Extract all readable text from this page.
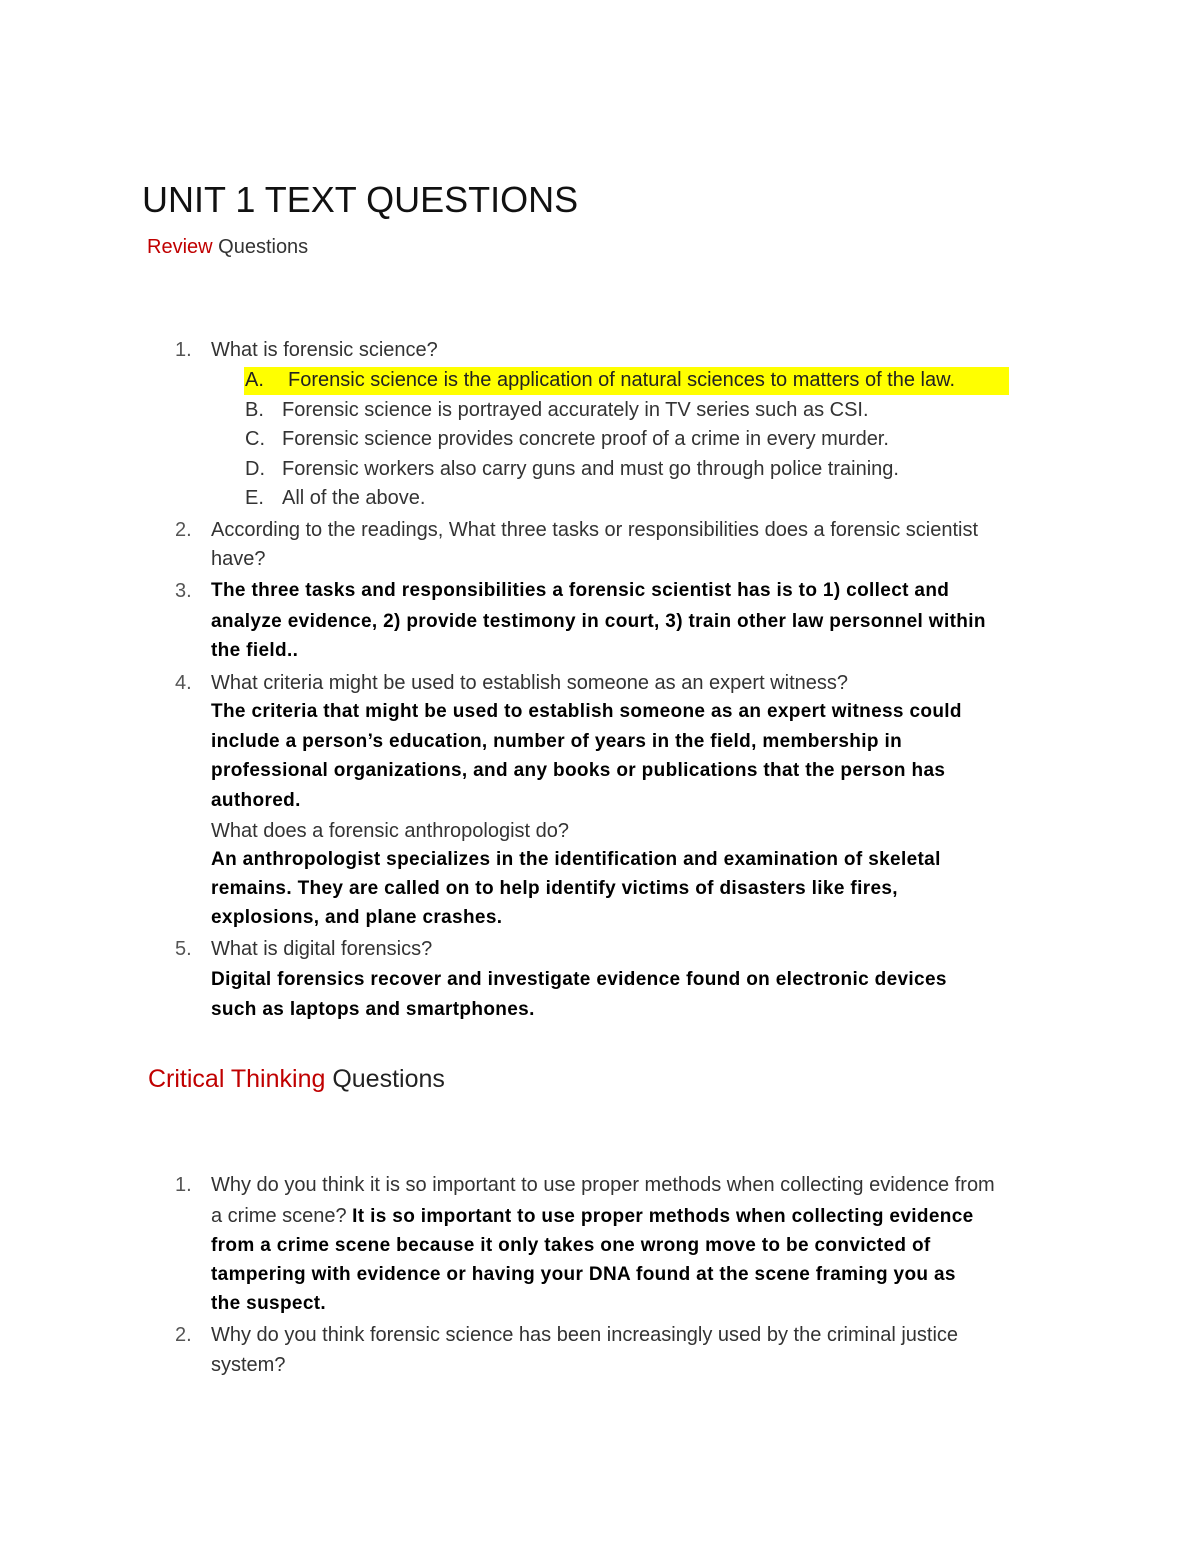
UNIT 1 TEXT QUESTIONS
Review Questions
1. What is forensic science?
A. Forensic science is the application of natural sciences to matters of the law.
B. Forensic science is portrayed accurately in TV series such as CSI.
C. Forensic science provides concrete proof of a crime in every murder.
D. Forensic workers also carry guns and must go through police training.
E. All of the above.
2. According to the readings, What three tasks or responsibilities does a forensic scientist
have?
3. The three tasks and responsibilities a forensic scientist has is to 1) collect and
analyze evidence, 2) provide testimony in court, 3) train other law personnel within
the field..
4. What criteria might be used to establish someone as an expert witness?
The criteria that might be used to establish someone as an expert witness could
include a person’s education, number of years in the field, membership in
professional organizations, and any books or publications that the person has
authored.
What does a forensic anthropologist do?
An anthropologist specializes in the identification and examination of skeletal
remains. They are called on to help identify victims of disasters like fires,
explosions, and plane crashes.
5. What is digital forensics?
Digital forensics recover and investigate evidence found on electronic devices
such as laptops and smartphones.
Critical Thinking Questions
1. Why do you think it is so important to use proper methods when collecting evidence from
a crime scene? It is so important to use proper methods when collecting evidence
from a crime scene because it only takes one wrong move to be convicted of
tampering with evidence or having your DNA found at the scene framing you as
the suspect.
2. Why do you think forensic science has been increasingly used by the criminal justice
system?
